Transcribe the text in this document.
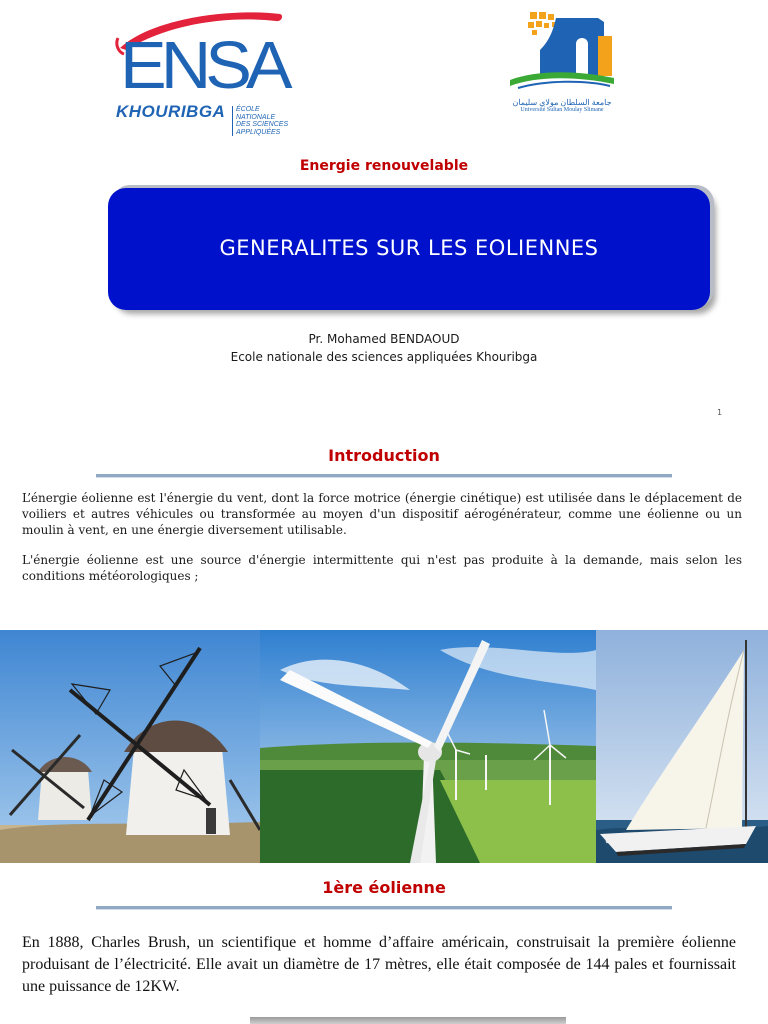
ENSA
KHOURIBGA ÉCOLE
NATIONALE
DES SCIENCES
APPLIQUÉES
جامعة السلطان مولاي سليمان
Université Sultan Moulay Slimane
Energie renouvelable
GENERALITES SUR LES EOLIENNES
Pr. Mohamed BENDAOUD
Ecole nationale des sciences appliquées Khouribga
1
Introduction

L’énergie éolienne est l'énergie du vent, dont la force motrice (énergie cinétique) est utilisée dans le déplacement de voiliers et autres véhicules ou transformée au moyen d'un dispositif aérogénérateur, comme une éolienne ou un moulin à vent, en une énergie diversement utilisable.

L'énergie éolienne est une source d'énergie intermittente qui n'est pas produite à la demande, mais selon les conditions météorologiques ;

1ère éolienne

En 1888, Charles Brush, un scientifique et homme d’affaire américain, construisait la première éolienne produisant de l’électricité. Elle avait un diamètre de 17 mètres, elle était composée de 144 pales et fournissait une puissance de 12KW.
